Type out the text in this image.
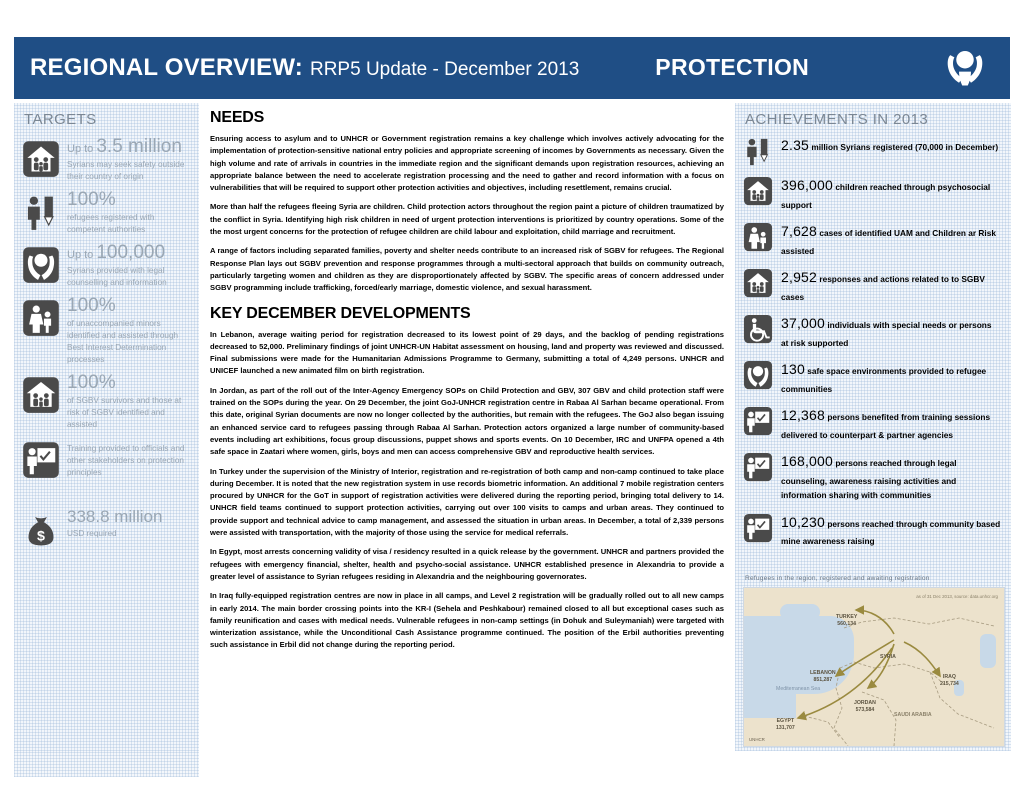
REGIONAL OVERVIEW: RRP5 Update - December 2013	PROTECTION
TARGETS
Up to 3.5 million
Syrians may seek safety outside their country of origin
100%
refugees registered with competent authorities
Up to 100,000
Syrians provided with legal counselling and information
100%
of unaccompanied minors identified and assisted through Best Interest Determination processes
100%
of SGBV survivors and those at risk of SGBV identified and assisted
Training provided to officials and other stakeholders on protection principles
$
338.8 million
USD required
NEEDS

Ensuring access to asylum and to UNHCR or Government registration remains a key challenge which involves actively advocating for the implementation of protection-sensitive national entry policies and appropriate screening of incomes by Governments as necessary. Given the high volume and rate of arrivals in countries in the immediate region and the significant demands upon registration resources, achieving an appropriate balance between the need to accelerate registration processing and the need to gather and record information with a focus on vulnerabilities that will be required to support other protection activities and objectives, including resettlement, remains crucial.

More than half the refugees fleeing Syria are children. Child protection actors throughout the region paint a picture of children traumatized by the conflict in Syria. Identifying high risk children in need of urgent protection interventions is prioritized by country operations. Some of the the most urgent concerns for the protection of refugee children are child labour and exploitation, child marriage and recruitment.

A range of factors including separated families, poverty and shelter needs contribute to an increased risk of SGBV for refugees. The Regional Response Plan lays out SGBV prevention and response programmes through a multi-sectoral approach that builds on community outreach, particularly targeting women and children as they are disproportionately affected by SGBV. The specific areas of concern addressed under SGBV programming include trafficking, forced/early marriage, domestic violence, and sexual harassment.

KEY DECEMBER DEVELOPMENTS

In Lebanon, average waiting period for registration decreased to its lowest point of 29 days, and the backlog of pending registrations decreased to 52,000. Preliminary findings of joint UNHCR-UN Habitat assessment on housing, land and property was reviewed and discussed. Final submissions were made for the Humanitarian Admissions Programme to Germany, submitting a total of 4,249 persons. UNHCR and UNICEF launched a new animated film on birth registration.

In Jordan, as part of the roll out of the Inter-Agency Emergency SOPs on Child Protection and GBV, 307 GBV and child protection staff were trained on the SOPs during the year. On 29 December, the joint GoJ-UNHCR registration centre in Rabaa Al Sarhan became operational. From this date, original Syrian documents are now no longer collected by the authorities, but remain with the refugees. The GoJ also began issuing an enhanced service card to refugees passing through Rabaa Al Sarhan. Protection actors organized a large number of community-based events including art exhibitions, focus group discussions, puppet shows and sports events. On 10 December, IRC and UNFPA opened a 4th safe space in Zaatari where women, girls, boys and men can access comprehensive GBV and reproductive health services.

In Turkey under the supervision of the Ministry of Interior, registration and re-registration of both camp and non-camp continued to take place during December. It is noted that the new registration system in use records biometric information. An additional 7 mobile registration centers procured by UNHCR for the GoT in support of registration activities were delivered during the reporting period, bringing total delivery to 14. UNHCR field teams continued to support protection activities, carrying out over 100 visits to camps and urban areas. They continued to provide support and technical advice to camp management, and assessed the situation in urban areas. In December, a total of 2,339 persons were assisted with transportation, with the majority of those using the service for medical referrals.

In Egypt, most arrests concerning validity of visa / residency resulted in a quick release by the government. UNHCR and partners provided the refugees with emergency financial, shelter, health and psycho-social assistance. UNHCR established presence in Alexandria to provide a greater level of assistance to Syrian refugees residing in Alexandria and the neighbouring governorates.

In Iraq fully-equipped registration centres are now in place in all camps, and Level 2 registration will be gradually rolled out to all new camps in early 2014. The main border crossing points into the KR-I (Sehela and Peshkabour) remained closed to all but exceptional cases such as family reunification and cases with medical needs. Vulnerable refugees in non-camp settings (in Dohuk and Suleymaniah) were targeted with winterization assistance, while the Unconditional Cash Assistance programme continued. The position of the Erbil authorities preventing such assistance in Erbil did not change during the reporting period.

ACHIEVEMENTS IN 2013
2.35 million Syrians registered (70,000 in December)
396,000 children reached through psychosocial support
7,628 cases of identified UAM and Children ar Risk assisted
2,952 responses and actions related to to SGBV cases
37,000 individuals with special needs or persons at risk supported
130 safe space environments provided to refugee communities
12,368 persons benefited from training sessions delivered to counterpart & partner agencies
168,000 persons reached through legal counseling, awareness raising activities and information sharing with communities
10,230 persons reached through community based mine awareness raising
Refugees in the region, registered and awaiting registration
TURKEY
560,134
SYRIA
LEBANON
851,287	IRAQ
215,734
JORDAN
573,584
EGYPT
131,707
SAUDI ARABIA
Mediterranean Sea
as of 31 Dec 2013, source: data.unhcr.org
UNHCR
